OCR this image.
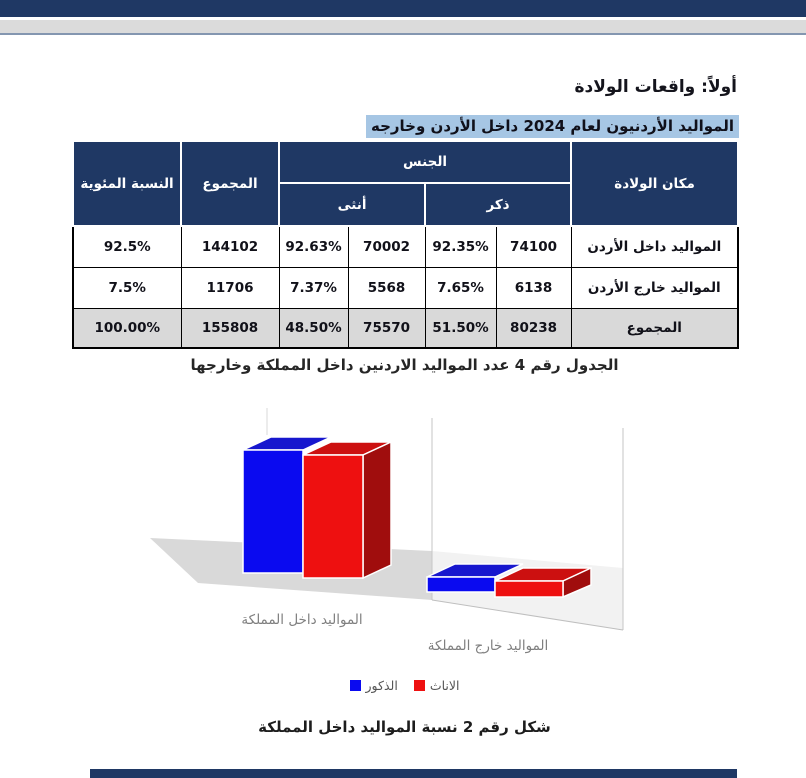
أولاً: واقعات الولادة
المواليد الأردنيون لعام 2024 داخل الأردن وخارجه
مكان الولادة	الجنس				المجموع	النسبة المئوية
	ذكر		أنثى			
المواليد داخل الأردن	74100	92.35%	70002	92.63%	144102	92.5%
المواليد خارج الأردن	6138	7.65%	5568	7.37%	11706	7.5%
المجموع	80238	51.50%	75570	48.50%	155808	100.00%
الجدول رقم 4 عدد المواليد الاردنين داخل المملكة وخارجها
المواليد داخل المملكة
المواليد خارج المملكة
الذكور	الاناث
شكل رقم 2 نسبة المواليد داخل المملكة
